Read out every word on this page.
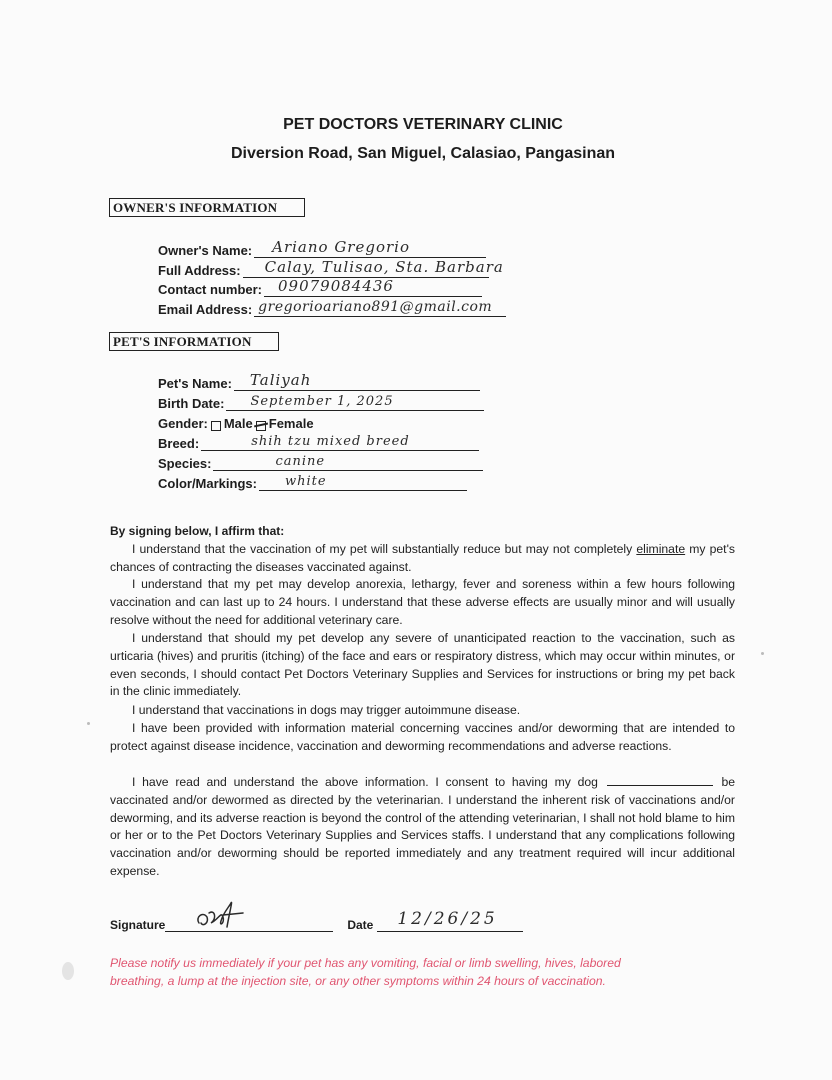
PET DOCTORS VETERINARY CLINIC
Diversion Road, San Miguel, Calasiao, Pangasinan
OWNER'S INFORMATION
Owner's Name: Ariano Gregorio
Full Address: Calay, Tulisao, Sta. Barbara
Contact number: 09079084436
Email Address: gregorioariano891@gmail.com
PET'S INFORMATION
Pet's Name: Taliyah
Birth Date: September 1, 2025
Gender: Male Female
Breed:	shih tzu mixed breed
Species:	canine
Color/Markings: white
By signing below, I affirm that:
I understand that the vaccination of my pet will substantially reduce but may not completely eliminate my pet's chances of contracting the diseases vaccinated against.
I understand that my pet may develop anorexia, lethargy, fever and soreness within a few hours following vaccination and can last up to 24 hours. I understand that these adverse effects are usually minor and will usually resolve without the need for additional veterinary care.
I understand that should my pet develop any severe of unanticipated reaction to the vaccination, such as urticaria (hives) and pruritis (itching) of the face and ears or respiratory distress, which may occur within minutes, or even seconds, I should contact Pet Doctors Veterinary Supplies and Services for instructions or bring my pet back in the clinic immediately.
I understand that vaccinations in dogs may trigger autoimmune disease.
I have been provided with information material concerning vaccines and/or deworming that are intended to protect against disease incidence, vaccination and deworming recommendations and adverse reactions.
I have read and understand the above information. I consent to having my dog	be vaccinated and/or dewormed as directed by the veterinarian. I understand the inherent risk of vaccinations and/or deworming, and its adverse reaction is beyond the control of the attending veterinarian, I shall not hold blame to him or her or to the Pet Doctors Veterinary Supplies and Services staffs. I understand that any complications following vaccination and/or deworming should be reported immediately and any treatment required will incur additional expense.
Signature	Date 12/26/25
Please notify us immediately if your pet has any vomiting, facial or limb swelling, hives, labored breathing, a lump at the injection site, or any other symptoms within 24 hours of vaccination.
